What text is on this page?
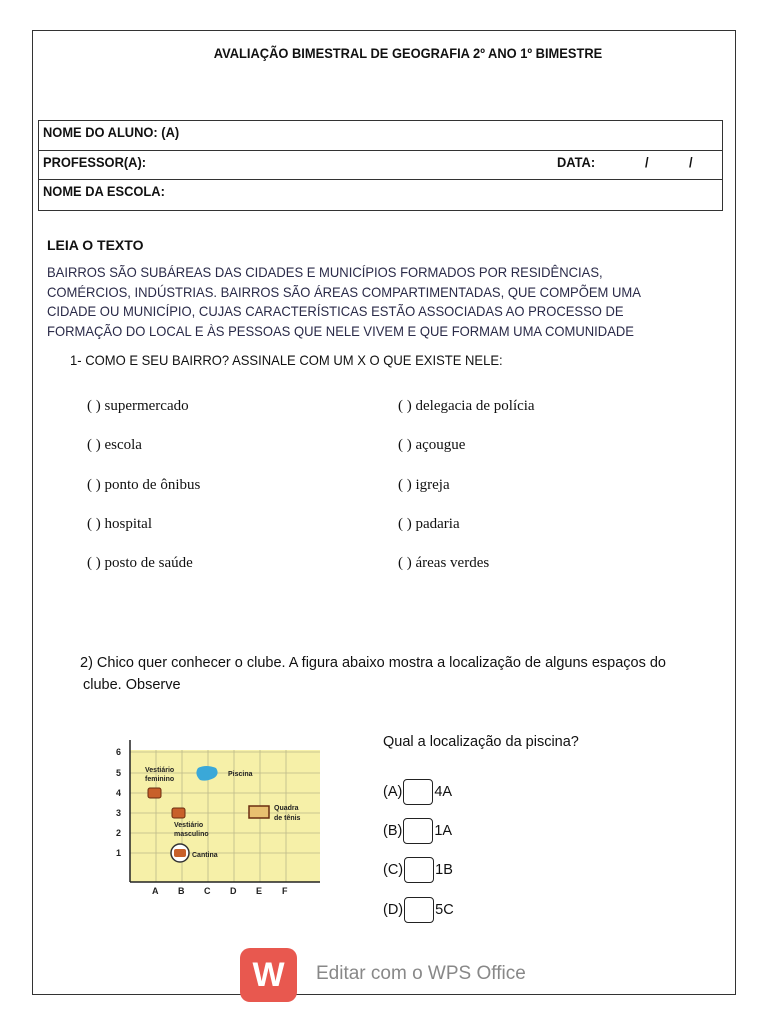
AVALIAÇÃO BIMESTRAL DE GEOGRAFIA 2º ANO 1º BIMESTRE
NOME DO ALUNO: (A)
PROFESSOR(A):	DATA:	/	/
NOME DA ESCOLA:
LEIA O TEXTO
BAIRROS SÃO SUBÁREAS DAS CIDADES E MUNICÍPIOS FORMADOS POR RESIDÊNCIAS,
COMÉRCIOS, INDÚSTRIAS. BAIRROS SÃO ÁREAS COMPARTIMENTADAS, QUE COMPÕEM UMA
CIDADE OU MUNICÍPIO, CUJAS CARACTERÍSTICAS ESTÃO ASSOCIADAS AO PROCESSO DE
FORMAÇÃO DO LOCAL E ÀS PESSOAS QUE NELE VIVEM E QUE FORMAM UMA COMUNIDADE
1- COMO E SEU BAIRRO? ASSINALE COM UM X O QUE EXISTE NELE:
( ) supermercado
( ) escola
( ) ponto de ônibus
( ) hospital
( ) posto de saúde
( ) delegacia de polícia
( ) açougue
( ) igreja
( ) padaria
( ) áreas verdes
2) Chico quer conhecer o clube. A figura abaixo mostra a localização de alguns espaços do
clube. Observe
1
2
3
4
5
6
A B C D E F
Vestiário
feminino
Piscina
Quadra
de tênis
Vestiário
masculino
Cantina
Qual a localização da piscina?
(A) 4A
(B) 1A
(C) 1B
(D) 5C
W	Editar com o WPS Office
